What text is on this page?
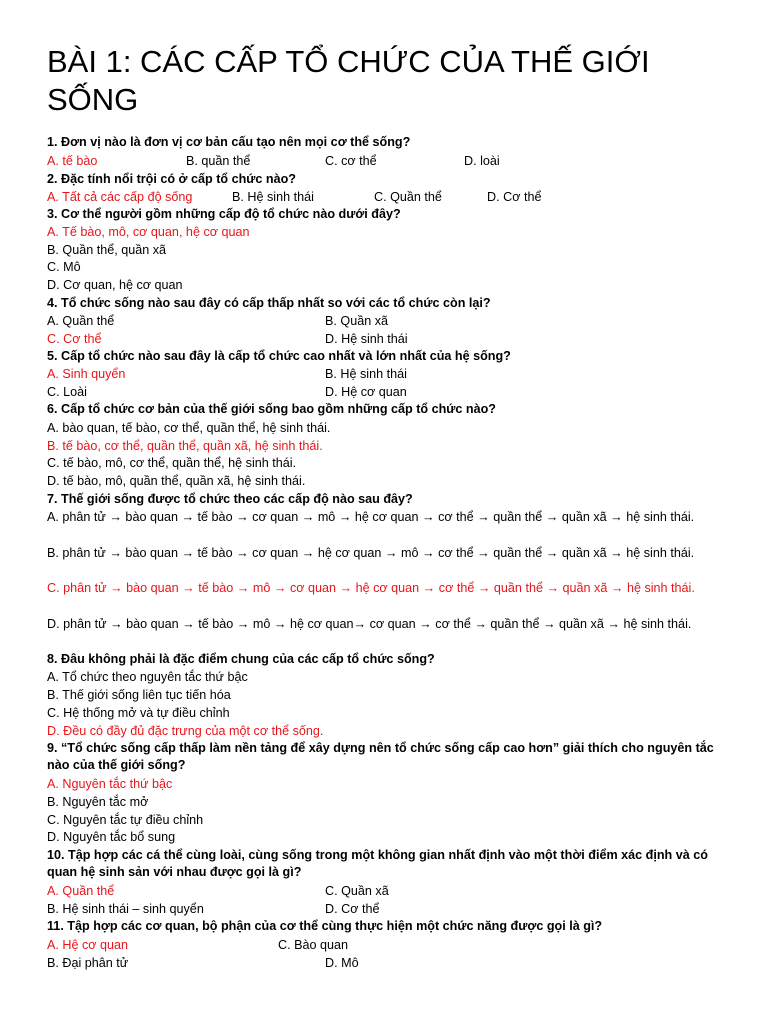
BÀI 1: CÁC CẤP TỔ CHỨC CỦA THẾ GIỚI SỐNG
1. Đơn vị nào là đơn vị cơ bản cấu tạo nên mọi cơ thể sống?
A. tế bào	B. quần thể	C. cơ thể	D. loài
2. Đặc tính nổi trội có ở cấp tổ chức nào?
A. Tất cả các cấp độ sống	B. Hệ sinh thái	C. Quần thể	D. Cơ thể
3. Cơ thể người gồm những cấp độ tổ chức nào dưới đây?
A. Tế bào, mô, cơ quan, hệ cơ quan
B. Quần thể, quần xã
C. Mô
D. Cơ quan, hệ cơ quan
4. Tổ chức sống nào sau đây có cấp thấp nhất so với các tổ chức còn lại?
A. Quần thể	B. Quần xã
C. Cơ thể	D. Hệ sinh thái
5. Cấp tổ chức nào sau đây là cấp tổ chức cao nhất và lớn nhất của hệ sống?
A. Sinh quyển	B. Hệ sinh thái
C. Loài	D. Hệ cơ quan
6. Cấp tổ chức cơ bản của thế giới sống bao gồm những cấp tổ chức nào?
A. bào quan, tế bào, cơ thể, quần thể, hệ sinh thái.
B. tế bào, cơ thể, quần thể, quần xã, hệ sinh thái.
C. tế bào, mô, cơ thể, quần thể, hệ sinh thái.
D. tế bào, mô, quần thể, quần xã, hệ sinh thái.
7. Thế giới sống được tổ chức theo các cấp độ nào sau đây?
A. phân tử → bào quan → tế bào → cơ quan → mô → hệ cơ quan → cơ thể → quần thể → quần xã → hệ sinh thái.
B. phân tử → bào quan → tế bào → cơ quan → hệ cơ quan → mô → cơ thể → quần thể → quần xã → hệ sinh thái.
C. phân tử → bào quan → tế bào → mô → cơ quan → hệ cơ quan → cơ thể → quần thể → quần xã → hệ sinh thái.
D. phân tử → bào quan → tế bào → mô → hệ cơ quan→ cơ quan → cơ thể → quần thể → quần xã → hệ sinh thái.
8. Đâu không phải là đặc điểm chung của các cấp tổ chức sống?
A. Tổ chức theo nguyên tắc thứ bậc
B. Thế giới sống liên tục tiến hóa
C. Hệ thống mở và tự điều chỉnh
D. Đều có đầy đủ đặc trưng của một cơ thể sống.
9. “Tổ chức sống cấp thấp làm nền tảng để xây dựng nên tổ chức sống cấp cao hơn” giải thích cho nguyên tắc nào của thế giới sống?
A. Nguyên tắc thứ bậc
B. Nguyên tắc mở
C. Nguyên tắc tự điều chỉnh
D. Nguyên tắc bổ sung
10. Tập hợp các cá thể cùng loài, cùng sống trong một không gian nhất định vào một thời điểm xác định và có quan hệ sinh sản với nhau được gọi là gì?
A. Quần thể	C. Quần xã
B. Hệ sinh thái – sinh quyển	D. Cơ thể
11. Tập hợp các cơ quan, bộ phận của cơ thể cùng thực hiện một chức năng được gọi là gì?
A. Hệ cơ quan	C. Bào quan
B. Đại phân tử	D. Mô
